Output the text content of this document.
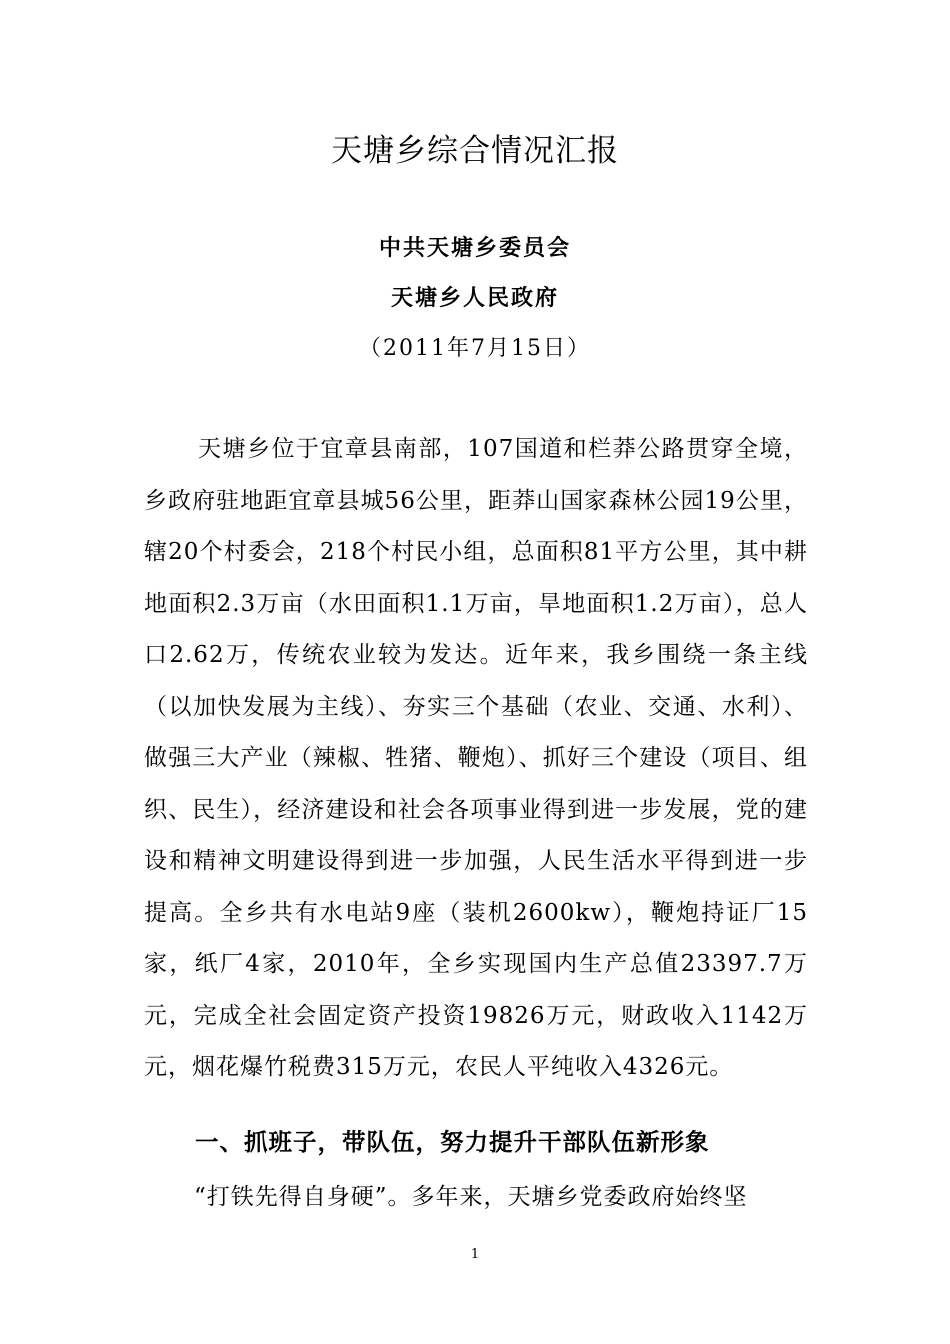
天塘乡综合情况汇报
中共天塘乡委员会
天塘乡人民政府
（2011年7月15日）
天塘乡位于宜章县南部，107国道和栏莽公路贯穿全境，乡政府驻地距宜章县城56公里，距莽山国家森林公园19公里，辖20个村委会，218个村民小组，总面积81平方公里，其中耕地面积2.3万亩（水田面积1.1万亩，旱地面积1.2万亩），总人口2.62万，传统农业较为发达。近年来，我乡围绕一条主线（以加快发展为主线）、夯实三个基础（农业、交通、水利）、做强三大产业（辣椒、牲猪、鞭炮）、抓好三个建设（项目、组织、民生），经济建设和社会各项事业得到进一步发展，党的建设和精神文明建设得到进一步加强，人民生活水平得到进一步提高。全乡共有水电站9座（装机2600kw），鞭炮持证厂15家，纸厂4家，2010年，全乡实现国内生产总值23397.7万元，完成全社会固定资产投资19826万元，财政收入1142万元，烟花爆竹税费315万元，农民人平纯收入4326元。
一、抓班子，带队伍，努力提升干部队伍新形象
“打铁先得自身硬”。多年来，天塘乡党委政府始终坚
1
